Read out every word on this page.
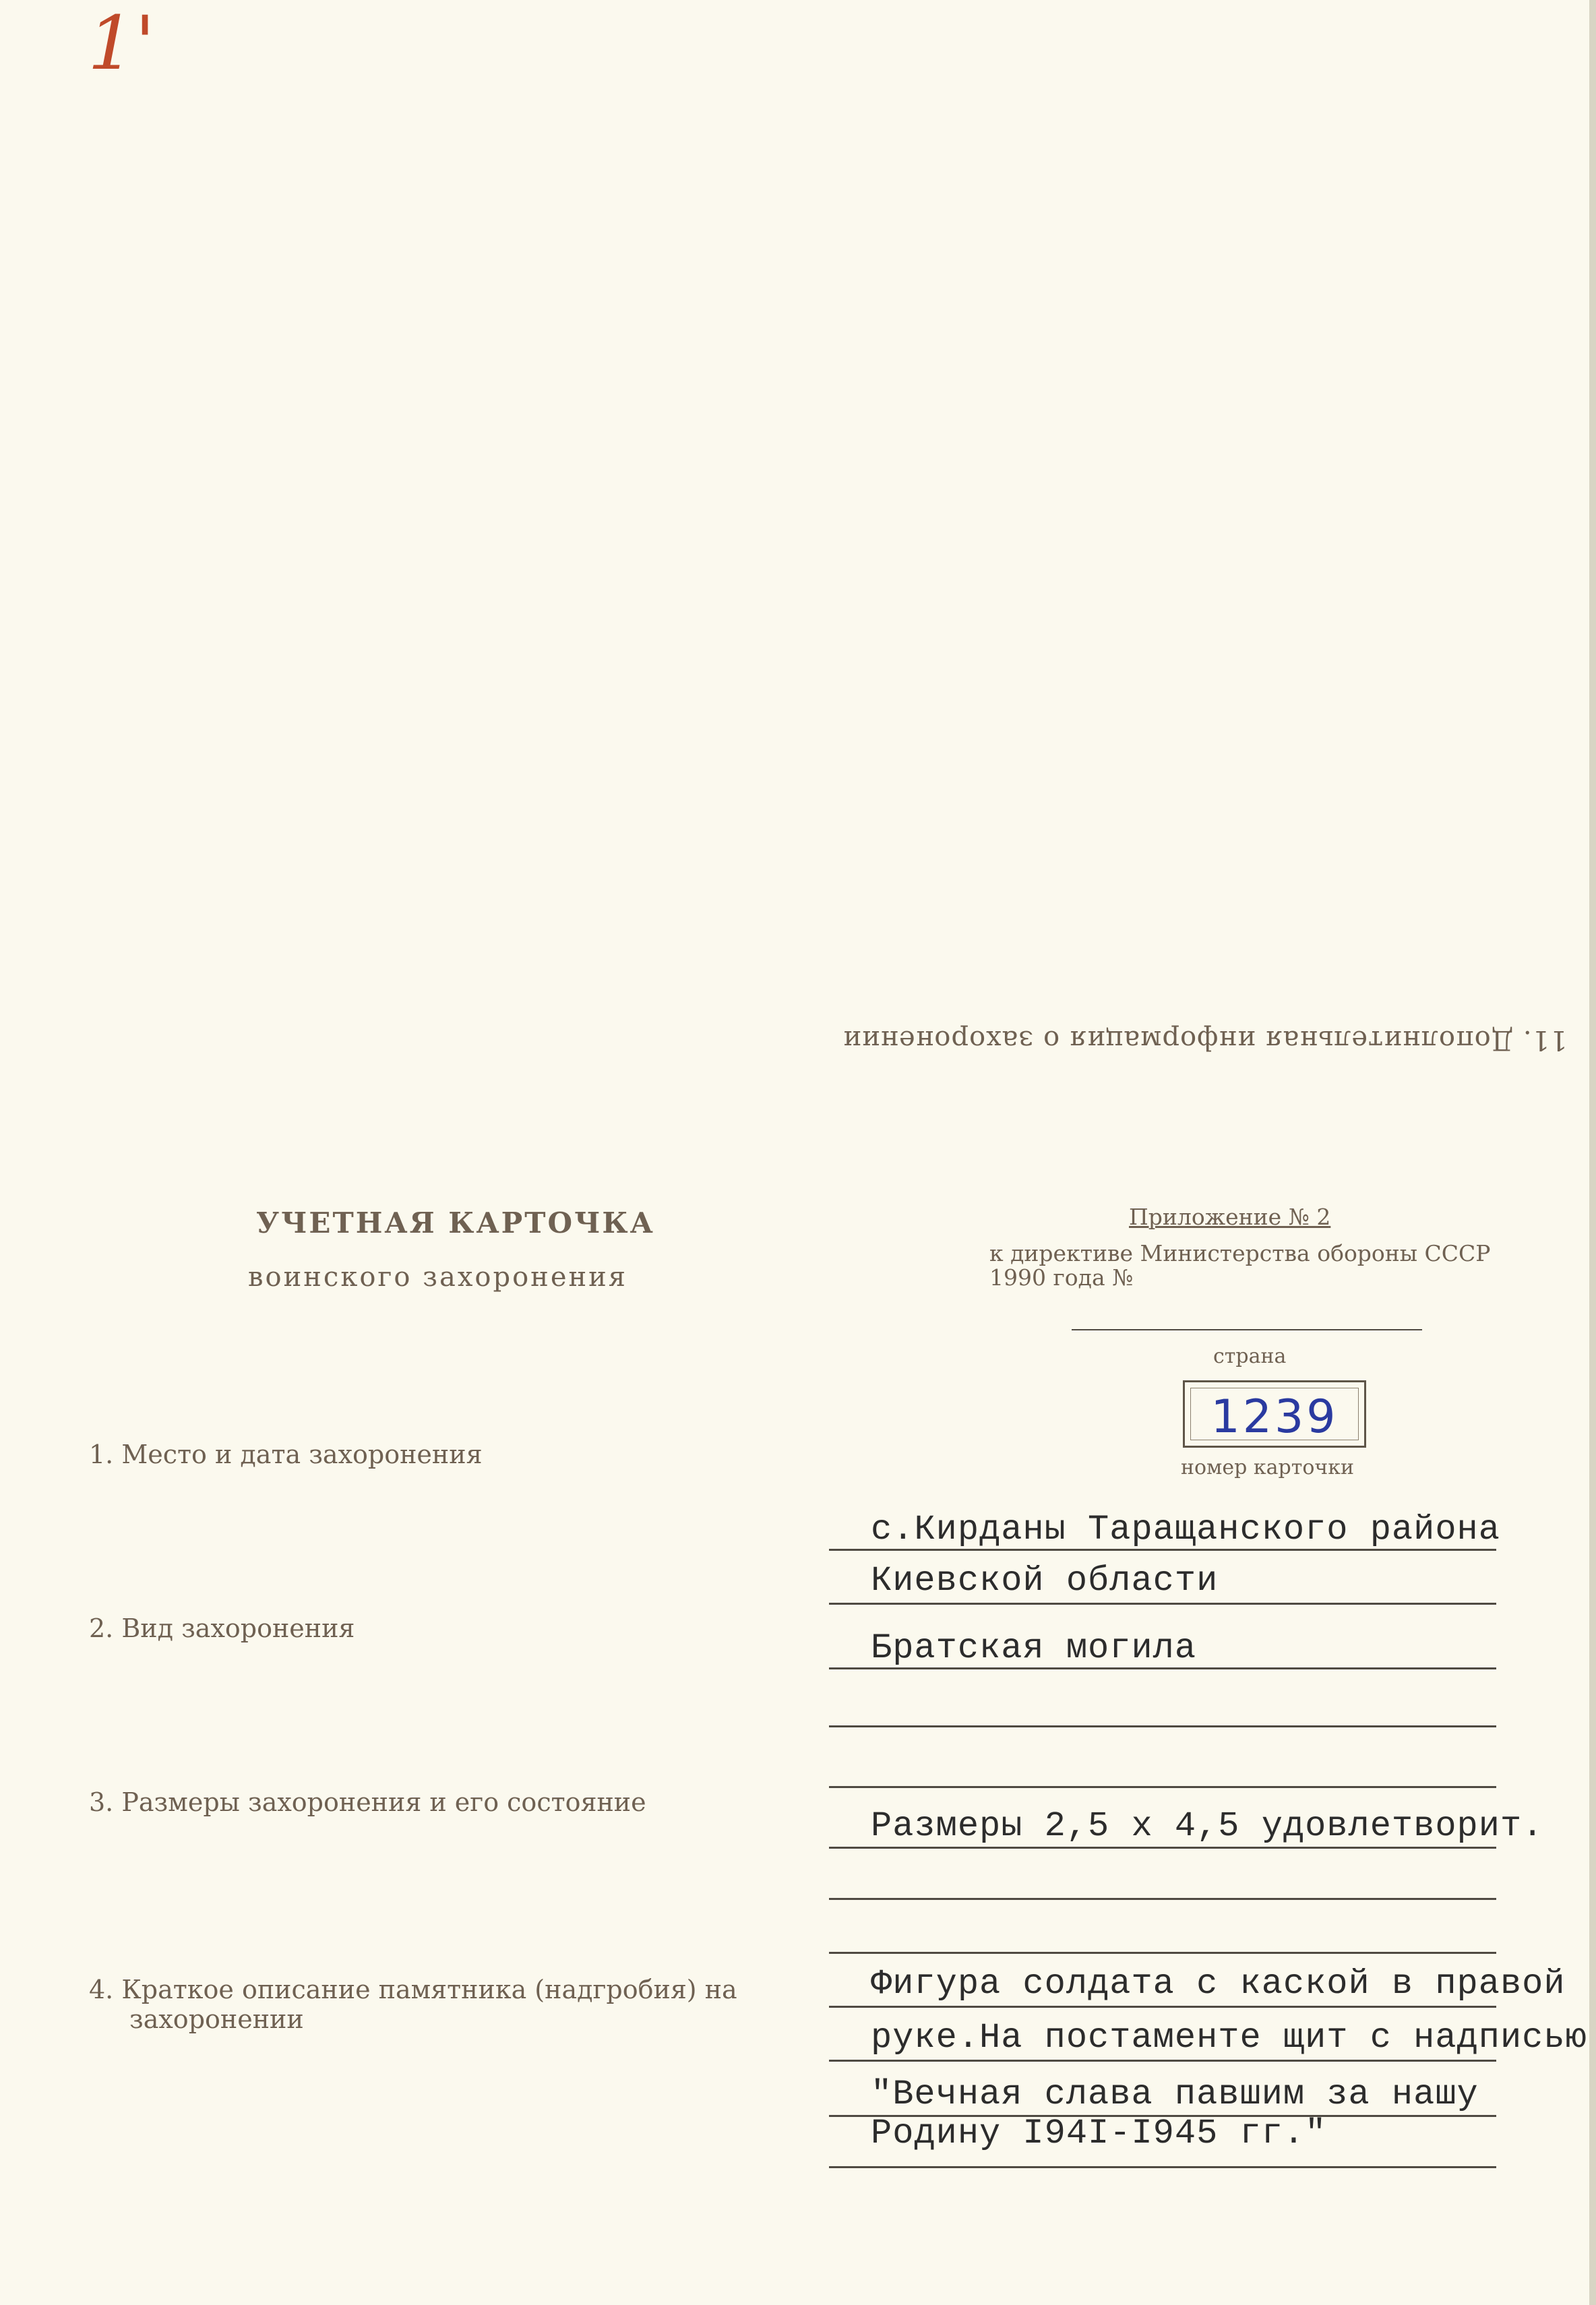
1'
11. Дополнительная информация о захоронении
УЧЕТНАЯ КАРТОЧКА
воинского захоронения
Приложение № 2
к директиве Министерства обороны СССР
1990 года №
страна
1239
номер карточки
1. Место и дата захоронения
2. Вид захоронения
3. Размеры захоронения и его состояние
4. Краткое описание памятника (надгробия) на
захоронении
с.Кирданы Таращанского района
Киевской области
Братская могила
Размеры 2,5 х 4,5 удовлетворит.
Фигура солдата с каской в правой
руке.На постаменте щит с надписью
"Вечная слава павшим за нашу
Родину I94I-I945 гг."
